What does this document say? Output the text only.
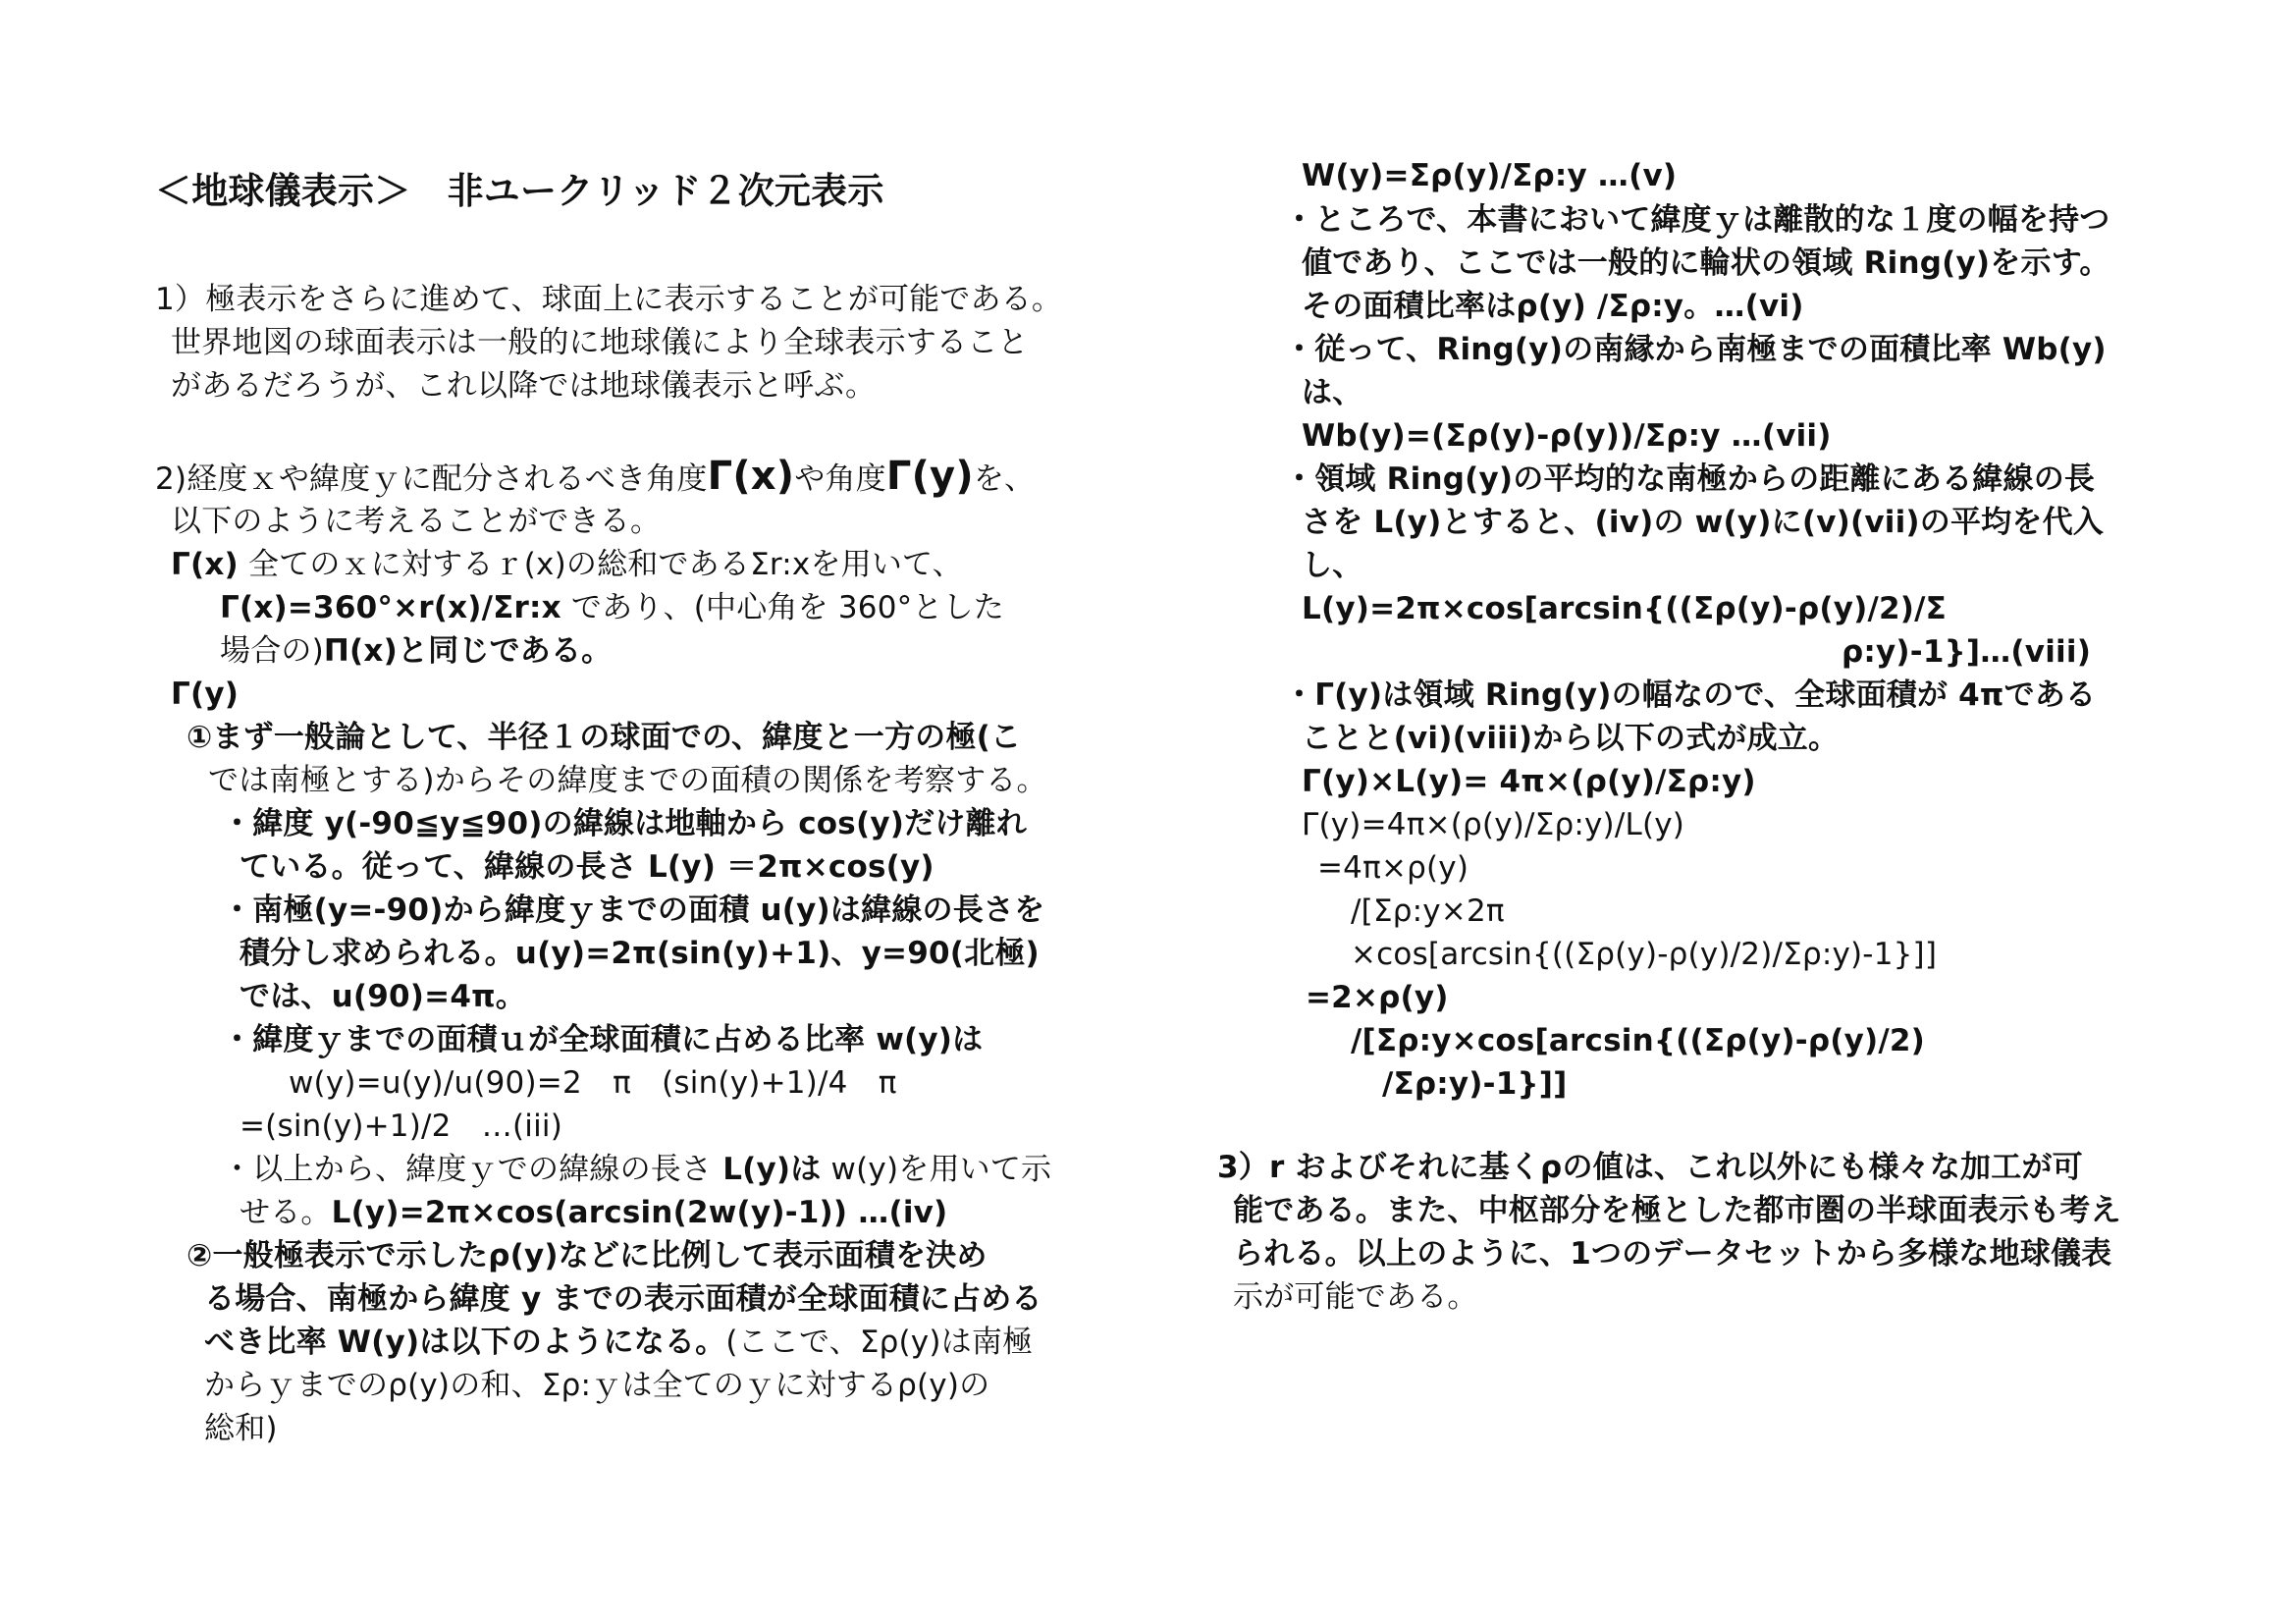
＜地球儀表示＞　非ユークリッド２次元表示
1）極表示をさらに進めて、球面上に表示することが可能である。
世界地図の球面表示は一般的に地球儀により全球表示すること
があるだろうが、これ以降では地球儀表示と呼ぶ。
2)経度ｘや緯度ｙに配分されるべき角度Γ(x)や角度Γ(y)を、
以下のように考えることができる。
Γ(x) 全てのｘに対するｒ(x)の総和であるΣr:xを用いて、
Γ(x)=360°×r(x)/Σr:x であり、(中心角を 360°とした
場合の)Π(x)と同じである。
Γ(y)
①まず一般論として、半径１の球面での、緯度と一方の極(こ
では南極とする)からその緯度までの面積の関係を考察する。
・緯度 y(-90≦y≦90)の緯線は地軸から cos(y)だけ離れ
ている。従って、緯線の長さ L(y) ＝2π×cos(y)
・南極(y=-90)から緯度ｙまでの面積 u(y)は緯線の長さを
積分し求められる。u(y)=2π(sin(y)+1)、y=90(北極)
では、u(90)=4π。
・緯度ｙまでの面積ｕが全球面積に占める比率 w(y)は
w(y)=u(y)/u(90)=2　π　(sin(y)+1)/4　π
=(sin(y)+1)/2　…(iii)
・以上から、緯度ｙでの緯線の長さ L(y)は w(y)を用いて示
せる。L(y)=2π×cos(arcsin(2w(y)-1)) …(iv)
②一般極表示で示したρ(y)などに比例して表示面積を決め
る場合、南極から緯度 y までの表示面積が全球面積に占める
べき比率 W(y)は以下のようになる。(ここで、Σρ(y)は南極
からｙまでのρ(y)の和、Σρ:ｙは全てのｙに対するρ(y)の
総和)
W(y)=Σρ(y)/Σρ:y …(v)
・ところで、本書において緯度ｙは離散的な１度の幅を持つ
値であり、ここでは一般的に輪状の領域 Ring(y)を示す。
その面積比率はρ(y) /Σρ:y。…(vi)
・従って、Ring(y)の南縁から南極までの面積比率 Wb(y)
は、
Wb(y)=(Σρ(y)-ρ(y))/Σρ:y …(vii)
・領域 Ring(y)の平均的な南極からの距離にある緯線の長
さを L(y)とすると、(iv)の w(y)に(v)(vii)の平均を代入
し、
L(y)=2π×cos[arcsin{((Σρ(y)-ρ(y)/2)/Σ
ρ:y)-1}]…(viii)
・Γ(y)は領域 Ring(y)の幅なので、全球面積が 4πである
ことと(vi)(viii)から以下の式が成立。
Γ(y)×L(y)= 4π×(ρ(y)/Σρ:y)
Γ(y)=4π×(ρ(y)/Σρ:y)/L(y)
=4π×ρ(y)
/[Σρ:y×2π
×cos[arcsin{((Σρ(y)-ρ(y)/2)/Σρ:y)-1}]]
=2×ρ(y)
/[Σρ:y×cos[arcsin{((Σρ(y)-ρ(y)/2)
/Σρ:y)-1}]]
3）r およびそれに基くρの値は、これ以外にも様々な加工が可
能である。また、中枢部分を極とした都市圏の半球面表示も考え
られる。以上のように、1つのデータセットから多様な地球儀表
示が可能である。
